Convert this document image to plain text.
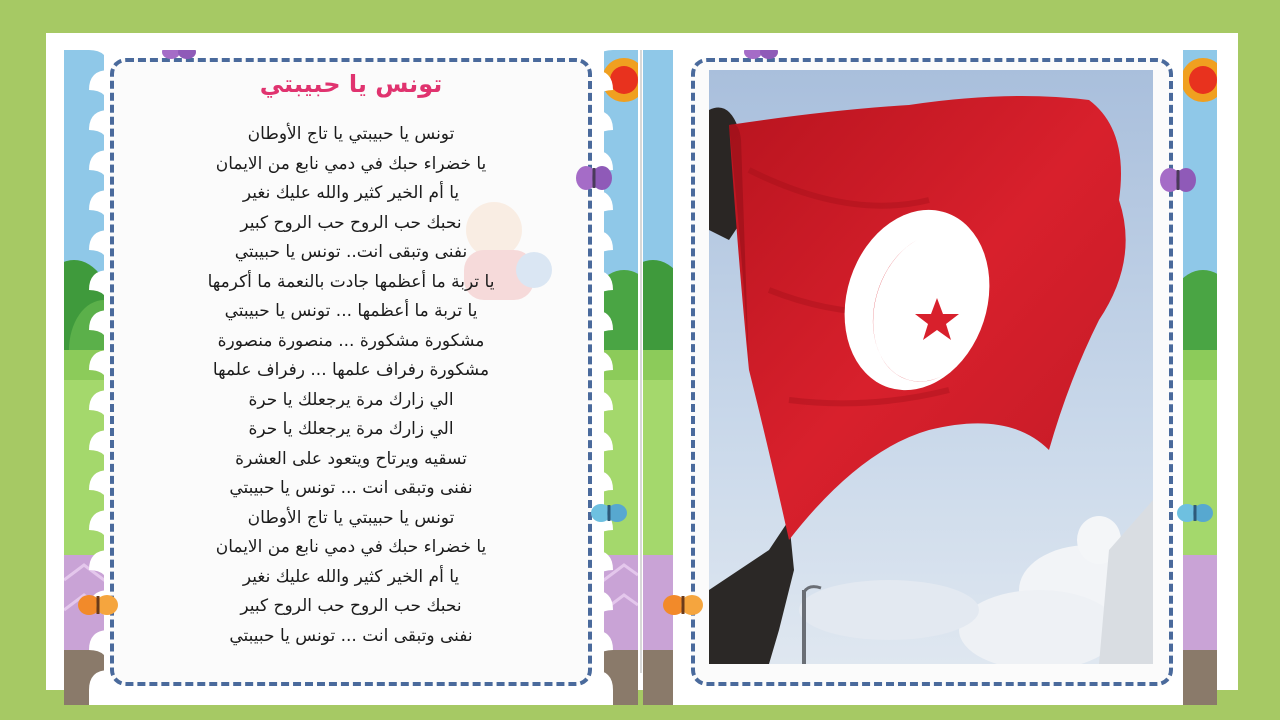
تونس يا حبيبتي
تونس يا حبيبتي يا تاج الأوطان
يا خضراء حبك في دمي نابع من الايمان
يا أم الخير كثير والله عليك نغير
نحبك حب الروح حب الروح كبير
نفنى وتبقى انت.. تونس يا حبيبتي
يا تربة ما أعظمها جادت بالنعمة ما أكرمها
يا تربة ما أعظمها ... تونس يا حبيبتي
مشكورة مشكورة ... منصورة منصورة
مشكورة رفراف علمها ... رفراف علمها
الي زارك مرة يرجعلك يا حرة
الي زارك مرة يرجعلك يا حرة
تسقيه ويرتاح ويتعود على العشرة
نفنى وتبقى انت ... تونس يا حبيبتي
تونس يا حبيبتي يا تاج الأوطان
يا خضراء حبك في دمي نابع من الايمان
يا أم الخير كثير والله عليك نغير
نحبك حب الروح حب الروح كبير
نفنى وتبقى انت ... تونس يا حبيبتي
